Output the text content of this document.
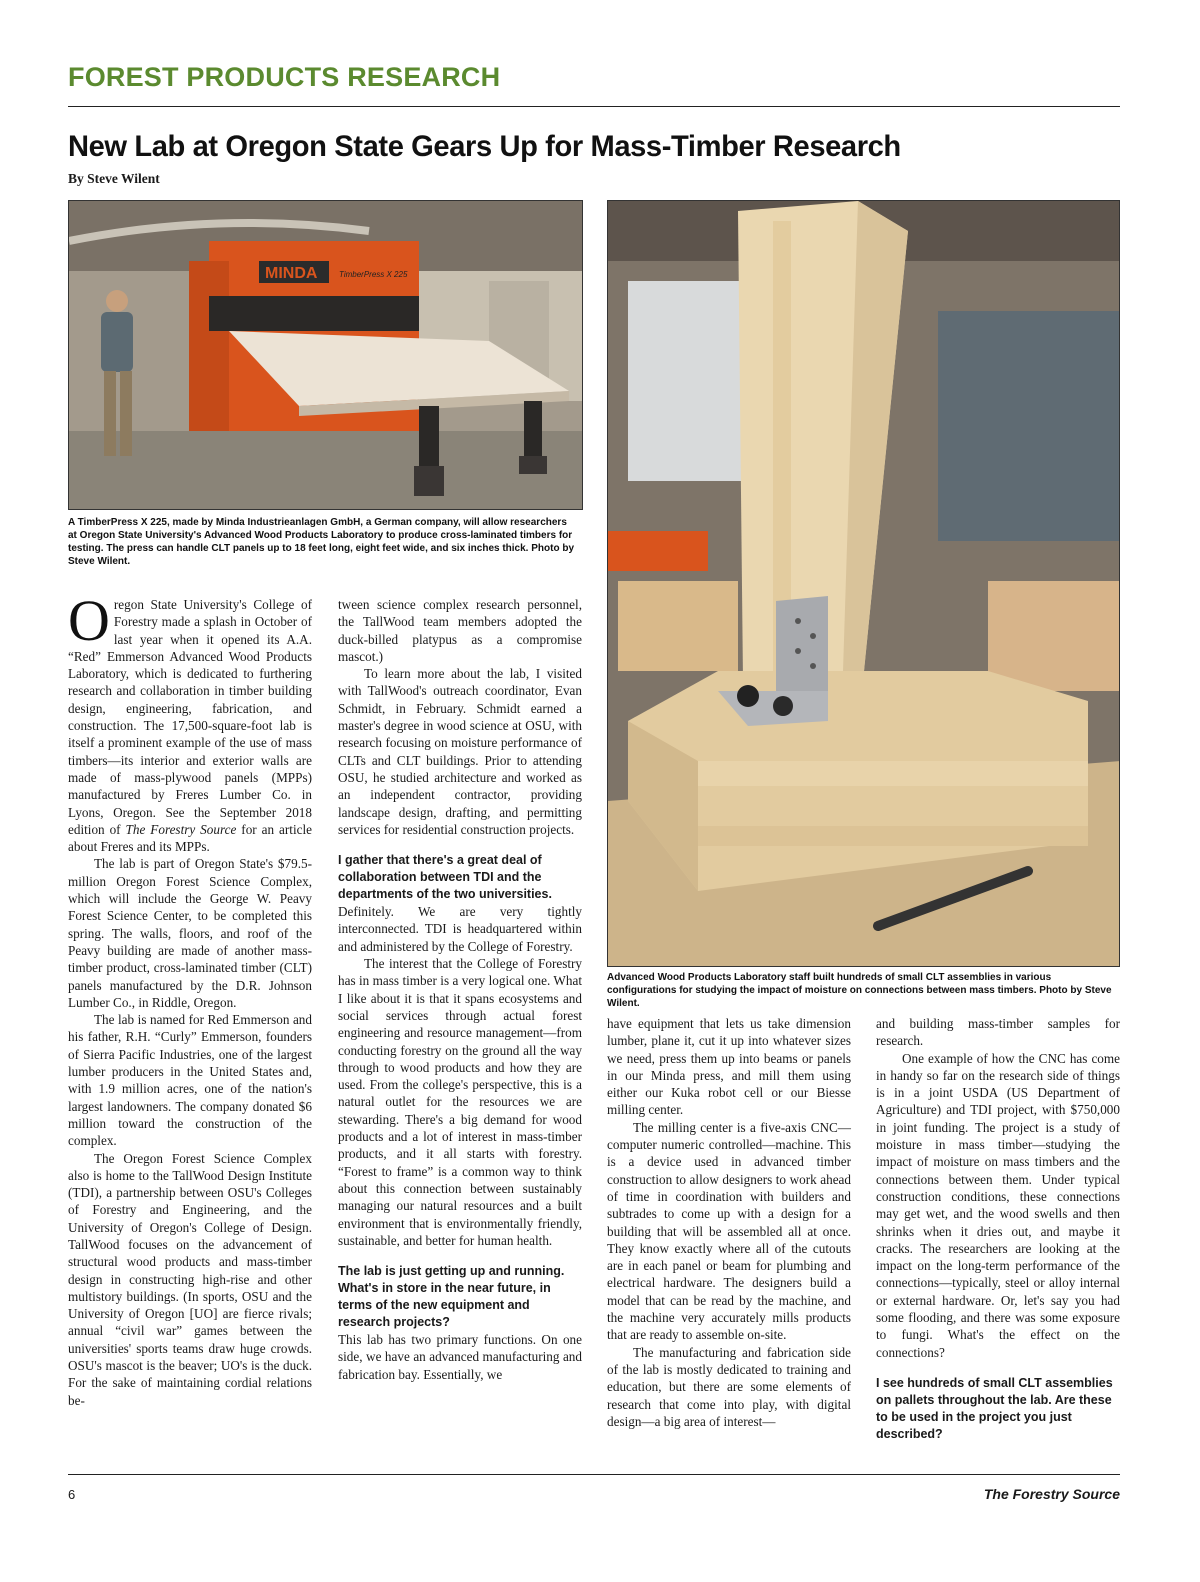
FOREST PRODUCTS RESEARCH
New Lab at Oregon State Gears Up for Mass-Timber Research
By Steve Wilent
MINDA	TimberPress X 225
A TimberPress X 225, made by Minda Industrieanlagen GmbH, a German company, will allow researchers at Oregon State University's Advanced Wood Products Laboratory to produce cross-laminated timbers for testing. The press can handle CLT panels up to 18 feet long, eight feet wide, and six inches thick. Photo by Steve Wilent.
Advanced Wood Products Laboratory staff built hundreds of small CLT assemblies in various configurations for studying the impact of moisture on connections between mass timbers. Photo by Steve Wilent.

Oregon State University's College of Forestry made a splash in October of last year when it opened its A.A. “Red” Emmerson Advanced Wood Products Laboratory, which is dedicated to furthering research and collaboration in timber building design, engineering, fabrication, and construction. The 17,500-square-foot lab is itself a prominent example of the use of mass timbers—its interior and exterior walls are made of mass-plywood panels (MPPs) manufactured by Freres Lumber Co. in Lyons, Oregon. See the September 2018 edition of The Forestry Source for an article about Freres and its MPPs.

The lab is part of Oregon State's $79.5-million Oregon Forest Science Complex, which will include the George W. Peavy Forest Science Center, to be completed this spring. The walls, floors, and roof of the Peavy building are made of another mass-timber product, cross-laminated timber (CLT) panels manufactured by the D.R. Johnson Lumber Co., in Riddle, Oregon.

The lab is named for Red Emmerson and his father, R.H. “Curly” Emmerson, founders of Sierra Pacific Industries, one of the largest lumber producers in the United States and, with 1.9 million acres, one of the nation's largest landowners. The company donated $6 million toward the construction of the complex.

The Oregon Forest Science Complex also is home to the TallWood Design Institute (TDI), a partnership between OSU's Colleges of Forestry and Engineering, and the University of Oregon's College of Design. TallWood focuses on the advancement of structural wood products and mass-timber design in constructing high-rise and other multistory buildings. (In sports, OSU and the University of Oregon [UO] are fierce rivals; annual “civil war” games between the universities' sports teams draw huge crowds. OSU's mascot is the beaver; UO's is the duck. For the sake of maintaining cordial relations be-

tween science complex research personnel, the TallWood team members adopted the duck-billed platypus as a compromise mascot.)

To learn more about the lab, I visited with TallWood's outreach coordinator, Evan Schmidt, in February. Schmidt earned a master's degree in wood science at OSU, with research focusing on moisture performance of CLTs and CLT buildings. Prior to attending OSU, he studied architecture and worked as an independent contractor, providing landscape design, drafting, and permitting services for residential construction projects.

I gather that there's a great deal of collaboration between TDI and the departments of the two universities.

Definitely. We are very tightly interconnected. TDI is headquartered within and administered by the College of Forestry.

The interest that the College of Forestry has in mass timber is a very logical one. What I like about it is that it spans ecosystems and social services through actual forest engineering and resource management—from conducting forestry on the ground all the way through to wood products and how they are used. From the college's perspective, this is a natural outlet for the resources we are stewarding. There's a big demand for wood products and a lot of interest in mass-timber products, and it all starts with forestry. “Forest to frame” is a common way to think about this connection between sustainably managing our natural resources and a built environment that is environmentally friendly, sustainable, and better for human health.

The lab is just getting up and running. What's in store in the near future, in terms of the new equipment and research projects?

This lab has two primary functions. On one side, we have an advanced manufacturing and fabrication bay. Essentially, we

have equipment that lets us take dimension lumber, plane it, cut it up into whatever sizes we need, press them up into beams or panels in our Minda press, and mill them using either our Kuka robot cell or our Biesse milling center.

The milling center is a five-axis CNC—computer numeric controlled—machine. This is a device used in advanced timber construction to allow designers to work ahead of time in coordination with builders and subtrades to come up with a design for a building that will be assembled all at once. They know exactly where all of the cutouts are in each panel or beam for plumbing and electrical hardware. The designers build a model that can be read by the machine, and the machine very accurately mills products that are ready to assemble on-site.

The manufacturing and fabrication side of the lab is mostly dedicated to training and education, but there are some elements of research that come into play, with digital design—a big area of interest—

and building mass-timber samples for research.

One example of how the CNC has come in handy so far on the research side of things is in a joint USDA (US Department of Agriculture) and TDI project, with $750,000 in joint funding. The project is a study of moisture in mass timber—studying the impact of moisture on mass timbers and the connections between them. Under typical construction conditions, these connections may get wet, and the wood swells and then shrinks when it dries out, and maybe it cracks. The researchers are looking at the impact on the long-term performance of the connections—typically, steel or alloy internal or external hardware. Or, let's say you had some flooding, and there was some exposure to fungi. What's the effect on the connections?

I see hundreds of small CLT assemblies on pallets throughout the lab. Are these to be used in the project you just described?

6	The Forestry Source
